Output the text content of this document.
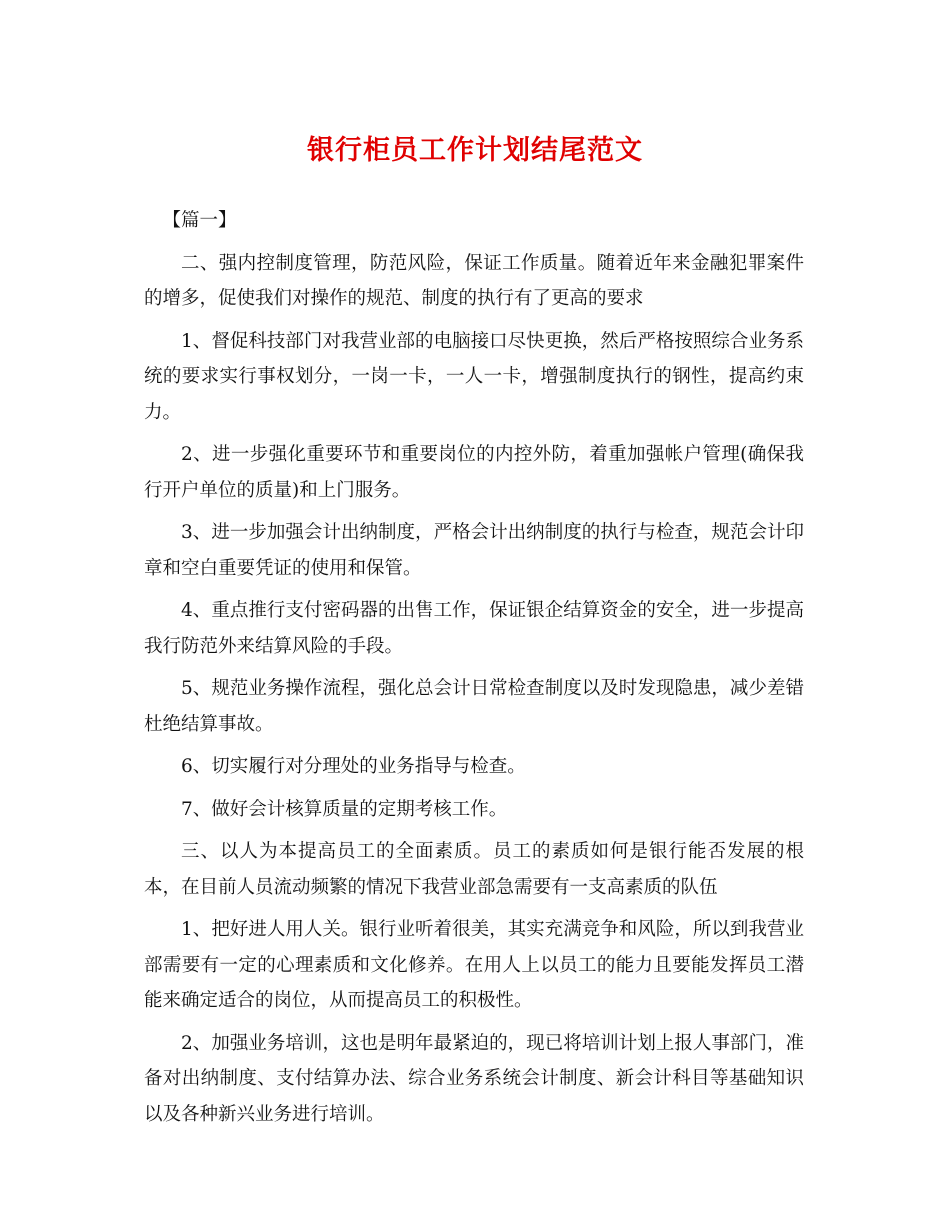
银行柜员工作计划结尾范文

【篇一】

二、强内控制度管理，防范风险，保证工作质量。随着近年来金融犯罪案件的增多，促使我们对操作的规范、制度的执行有了更高的要求

1、督促科技部门对我营业部的电脑接口尽快更换，然后严格按照综合业务系统的要求实行事权划分，一岗一卡，一人一卡，增强制度执行的钢性，提高约束力。

2、进一步强化重要环节和重要岗位的内控外防，着重加强帐户管理(确保我行开户单位的质量)和上门服务。

3、进一步加强会计出纳制度，严格会计出纳制度的执行与检查，规范会计印章和空白重要凭证的使用和保管。

4、重点推行支付密码器的出售工作，保证银企结算资金的安全，进一步提高我行防范外来结算风险的手段。

5、规范业务操作流程，强化总会计日常检查制度以及时发现隐患，减少差错杜绝结算事故。

6、切实履行对分理处的业务指导与检查。

7、做好会计核算质量的定期考核工作。

三、以人为本提高员工的全面素质。员工的素质如何是银行能否发展的根本，在目前人员流动频繁的情况下我营业部急需要有一支高素质的队伍

1、把好进人用人关。银行业听着很美，其实充满竞争和风险，所以到我营业部需要有一定的心理素质和文化修养。在用人上以员工的能力且要能发挥员工潜能来确定适合的岗位，从而提高员工的积极性。

2、加强业务培训，这也是明年最紧迫的，现已将培训计划上报人事部门，准备对出纳制度、支付结算办法、综合业务系统会计制度、新会计科目等基础知识以及各种新兴业务进行培训。
